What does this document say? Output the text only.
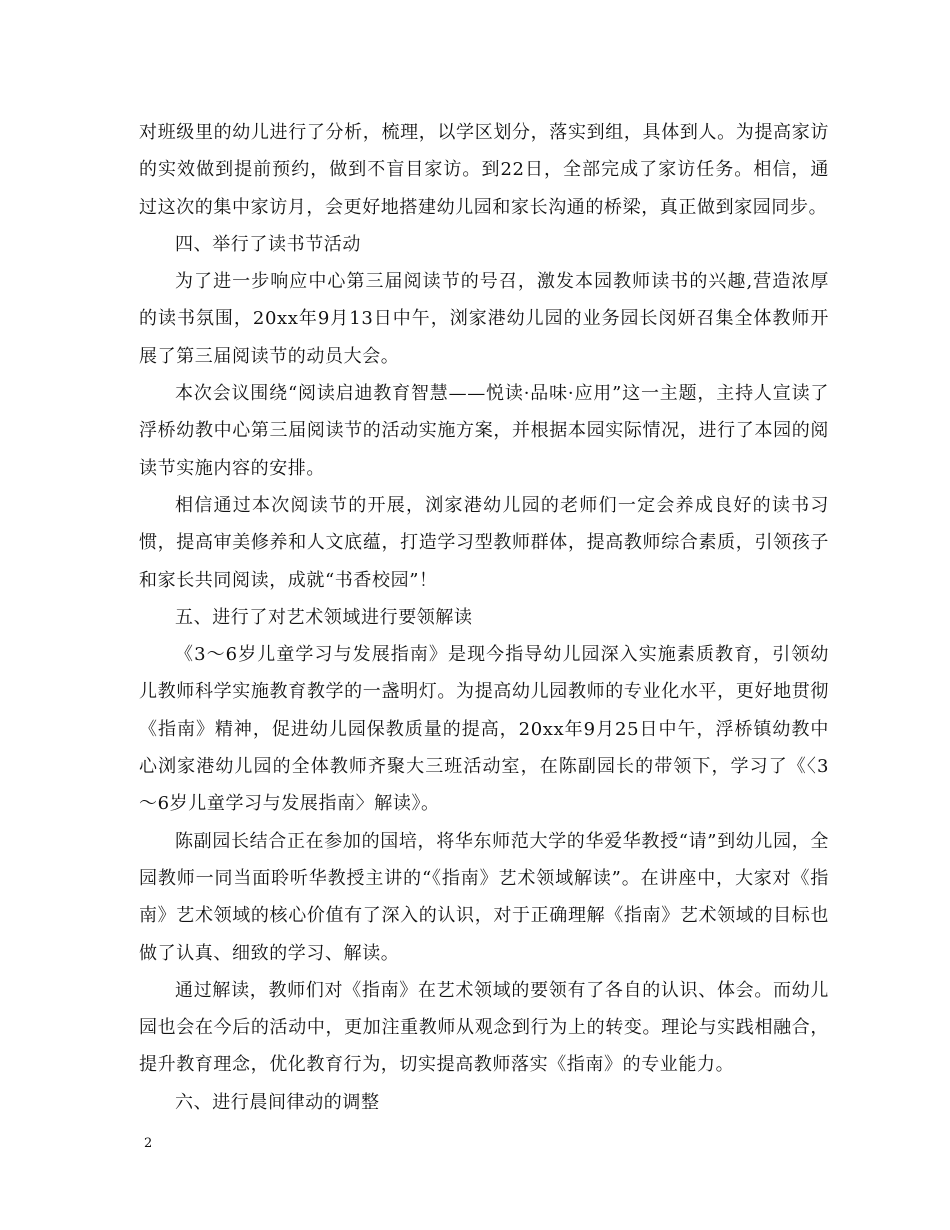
对班级里的幼儿进行了分析，梳理，以学区划分，落实到组，具体到人。为提高家访的实效做到提前预约，做到不盲目家访。到22日，全部完成了家访任务。相信，通过这次的集中家访月，会更好地搭建幼儿园和家长沟通的桥梁，真正做到家园同步。

四、举行了读书节活动

为了进一步响应中心第三届阅读节的号召，激发本园教师读书的兴趣,营造浓厚的读书氛围，20xx年9月13日中午，浏家港幼儿园的业务园长闵妍召集全体教师开展了第三届阅读节的动员大会。

本次会议围绕“阅读启迪教育智慧——悦读·品味·应用”这一主题，主持人宣读了浮桥幼教中心第三届阅读节的活动实施方案，并根据本园实际情况，进行了本园的阅读节实施内容的安排。

相信通过本次阅读节的开展，浏家港幼儿园的老师们一定会养成良好的读书习惯，提高审美修养和人文底蕴，打造学习型教师群体，提高教师综合素质，引领孩子和家长共同阅读，成就“书香校园”！

五、进行了对艺术领域进行要领解读

《3～6岁儿童学习与发展指南》是现今指导幼儿园深入实施素质教育，引领幼儿教师科学实施教育教学的一盏明灯。为提高幼儿园教师的专业化水平，更好地贯彻《指南》精神，促进幼儿园保教质量的提高，20xx年9月25日中午，浮桥镇幼教中心浏家港幼儿园的全体教师齐聚大三班活动室，在陈副园长的带领下，学习了《〈3～6岁儿童学习与发展指南〉解读》。

陈副园长结合正在参加的国培，将华东师范大学的华爱华教授“请”到幼儿园，全园教师一同当面聆听华教授主讲的“《指南》艺术领域解读”。在讲座中，大家对《指南》艺术领域的核心价值有了深入的认识，对于正确理解《指南》艺术领域的目标也做了认真、细致的学习、解读。

通过解读，教师们对《指南》在艺术领域的要领有了各自的认识、体会。而幼儿园也会在今后的活动中，更加注重教师从观念到行为上的转变。理论与实践相融合，提升教育理念，优化教育行为，切实提高教师落实《指南》的专业能力。

六、进行晨间律动的调整

2
